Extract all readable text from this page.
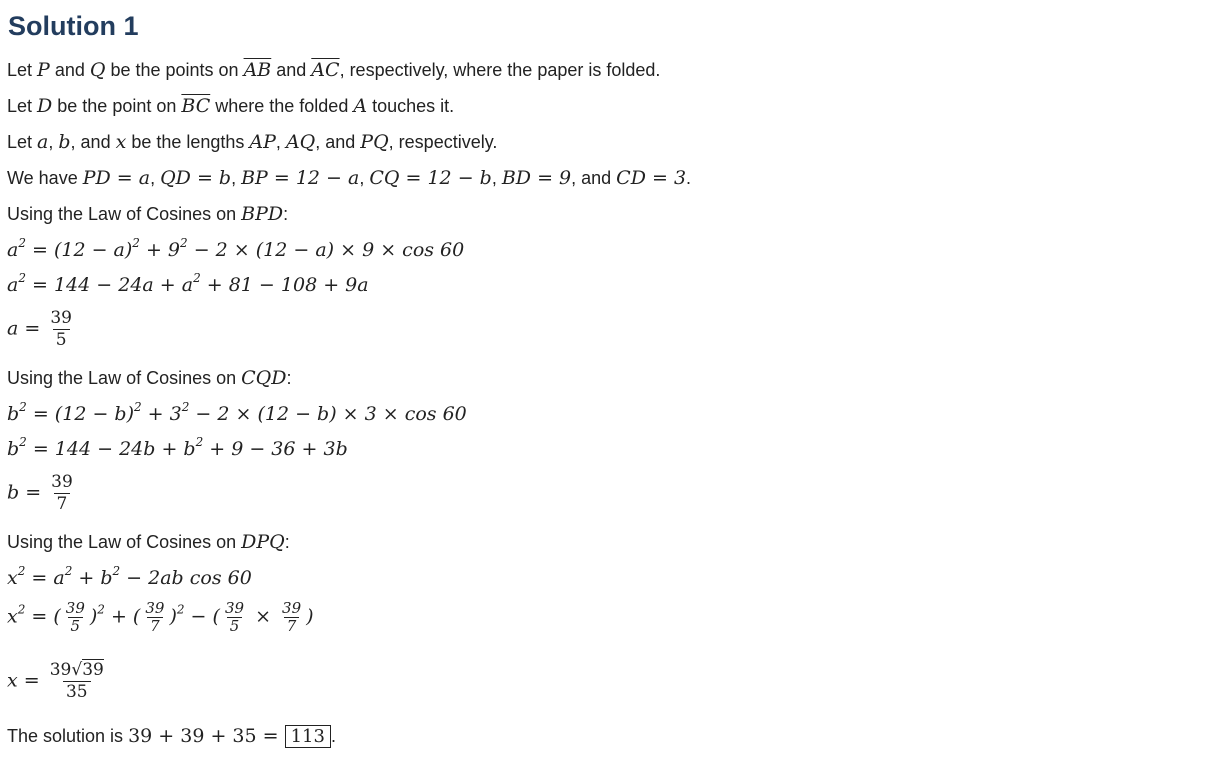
Solution 1
Let P and Q be the points on $\overline{AB}$ and $\overline{AC}$, respectively, where the paper is folded.
Let D be the point on $\overline{BC}$ where the folded A touches it.
Let a, b, and x be the lengths AP, AQ, and PQ, respectively.
We have PD = a, QD = b, BP = 12 − a, CQ = 12 − b, BD = 9, and CD = 3.
Using the Law of Cosines on BPD:
$a^2 = (12 - a)^2 + 9^2 - 2 \times (12 - a) \times 9 \times \cos 60$
$a^2 = 144 - 24a + a^2 + 81 - 108 + 9a$
$a = \frac{39}{5}$
Using the Law of Cosines on CQD:
$b^2 = (12 - b)^2 + 3^2 - 2 \times (12 - b) \times 3 \times \cos 60$
$b^2 = 144 - 24b + b^2 + 9 - 36 + 3b$
$b = \frac{39}{7}$
Using the Law of Cosines on DPQ:
$x^2 = a^2 + b^2 - 2ab$ cos 60
$x^2$ = ( $\frac{39}{5} )^2$ + ( $\frac{39}{7} )^2$ − ( $\frac{39}{5} \times \frac{39}{7}$ )
$x = \frac{39√39}{35}$
The solution is 39 + 39 + 35 = 113 .
